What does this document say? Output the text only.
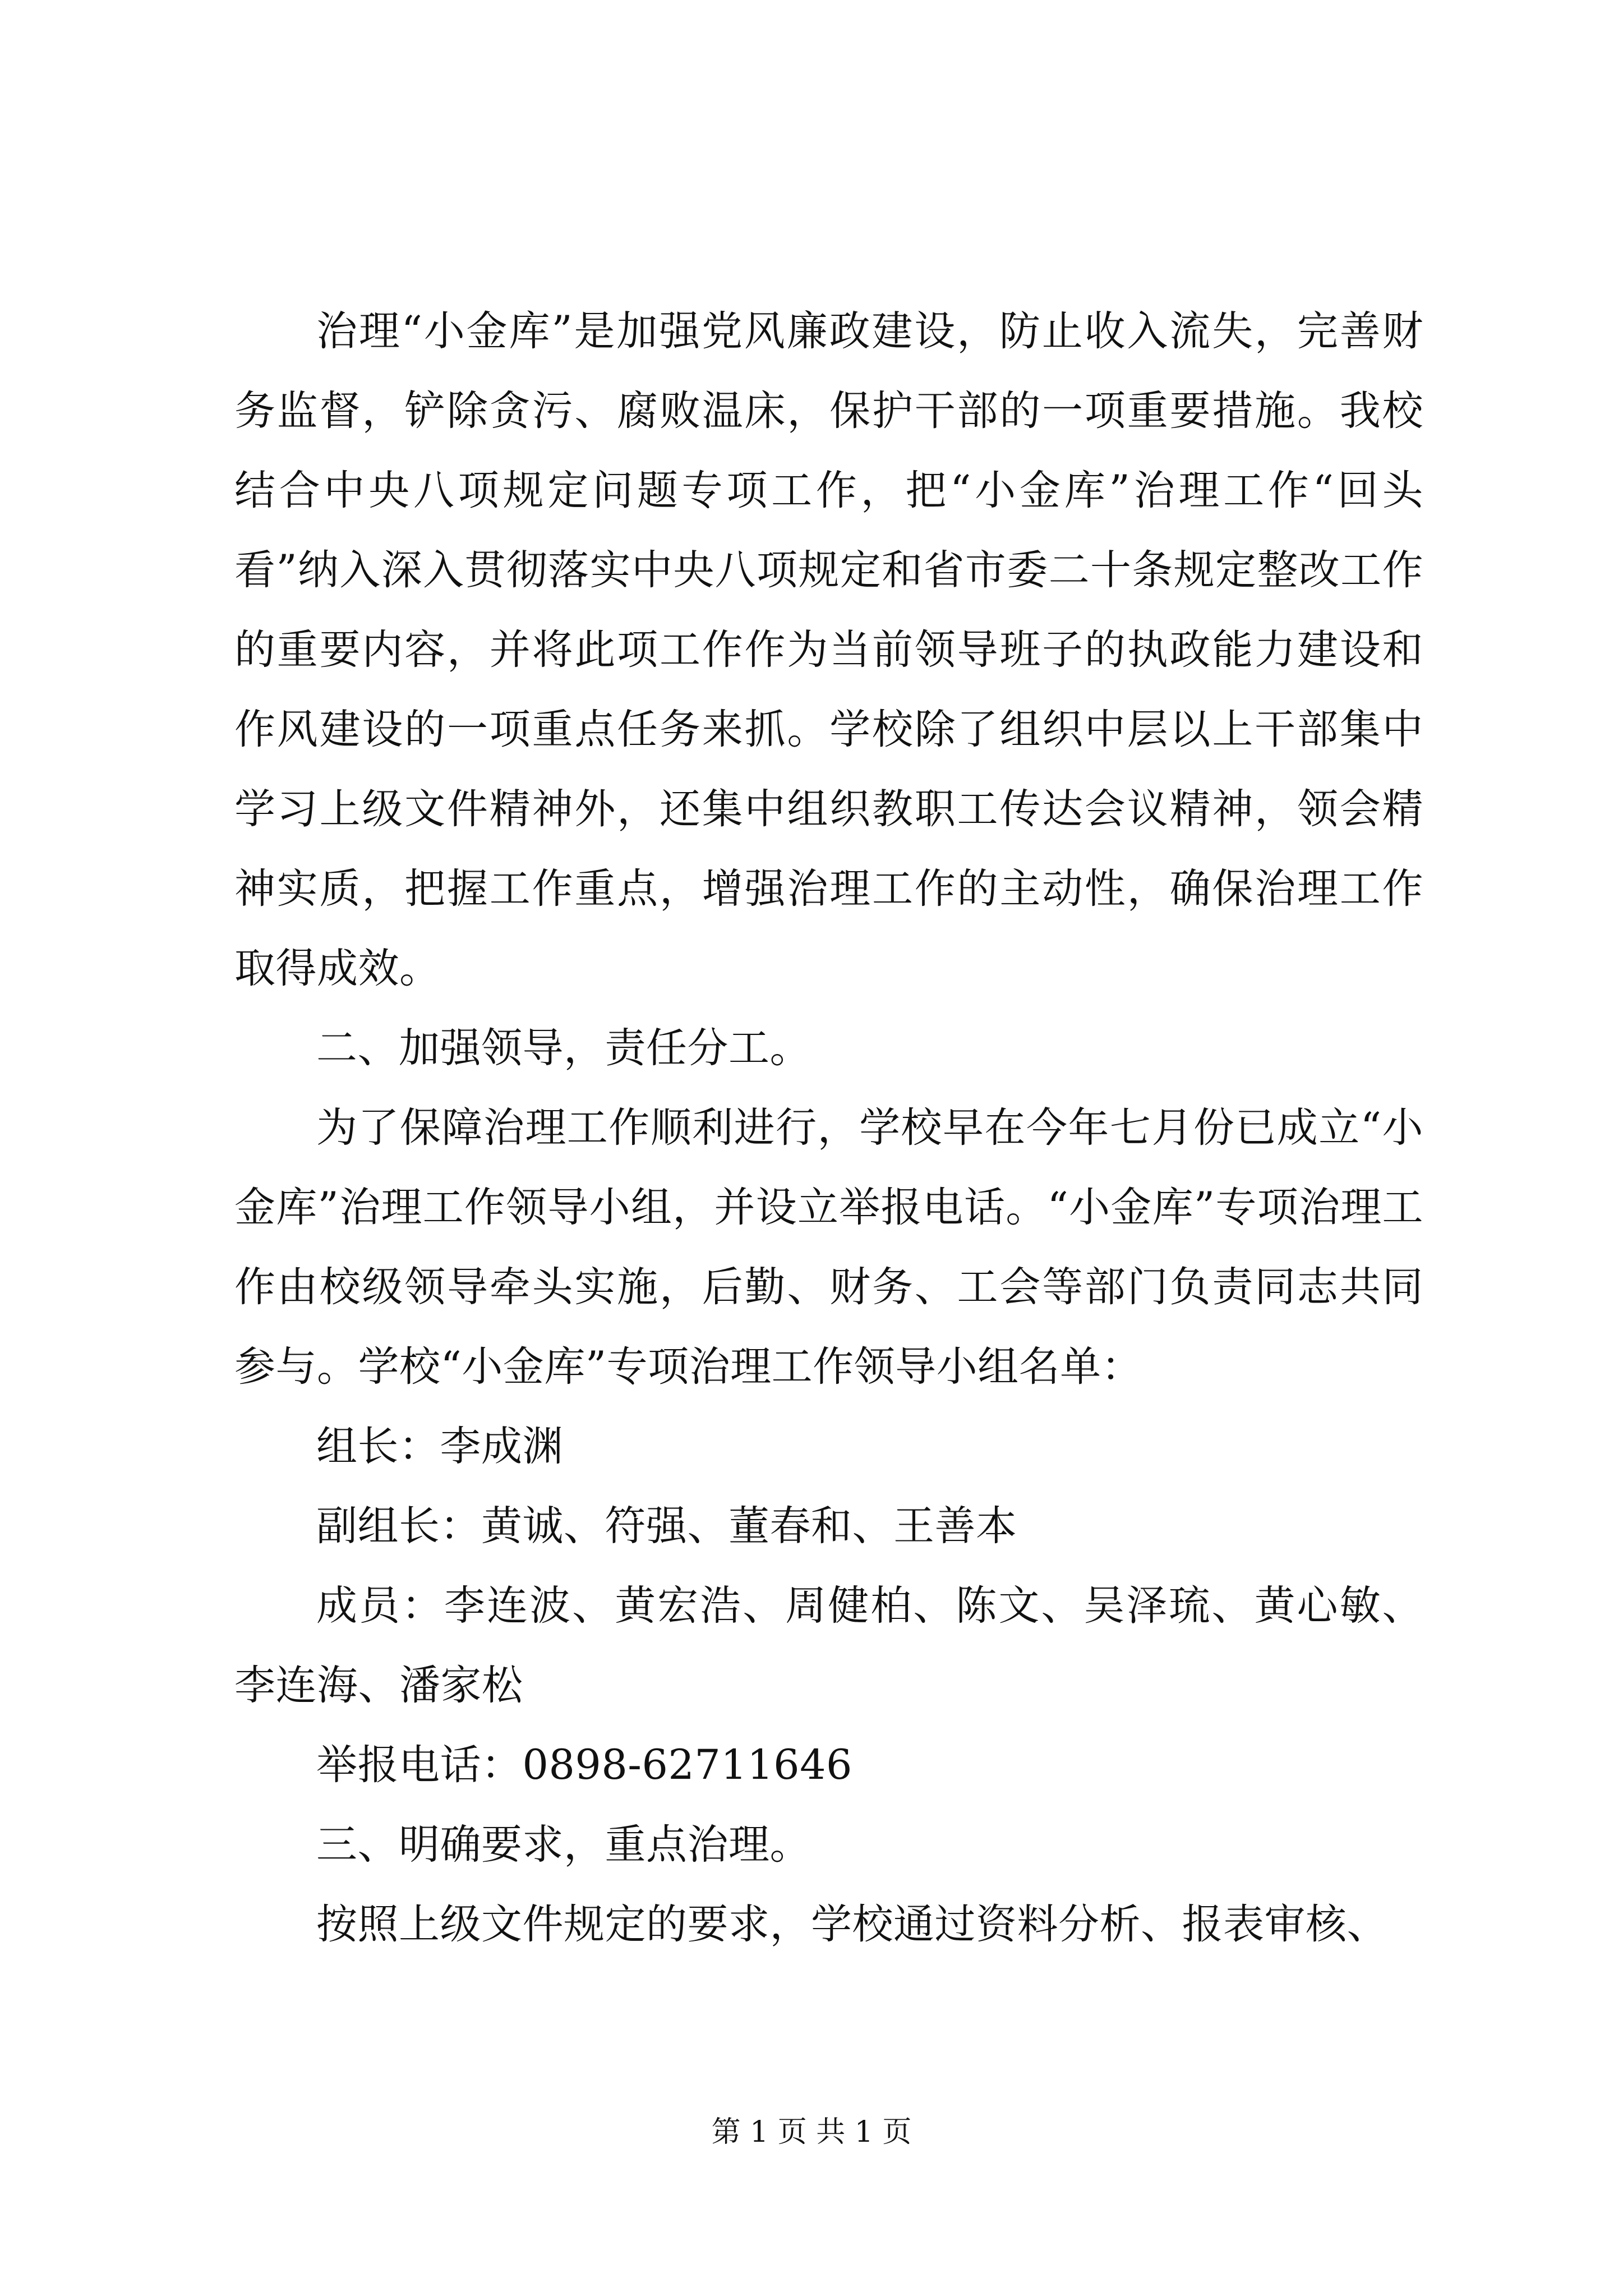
治理“小金库”是加强党风廉政建设，防止收入流失，完善财务监督，铲除贪污、腐败温床，保护干部的一项重要措施。我校结合中央八项规定问题专项工作，把“小金库”治理工作“回头看”纳入深入贯彻落实中央八项规定和省市委二十条规定整改工作的重要内容，并将此项工作作为当前领导班子的执政能力建设和作风建设的一项重点任务来抓。学校除了组织中层以上干部集中学习上级文件精神外，还集中组织教职工传达会议精神，领会精神实质，把握工作重点，增强治理工作的主动性，确保治理工作取得成效。

二、加强领导，责任分工。

为了保障治理工作顺利进行，学校早在今年七月份已成立“小金库”治理工作领导小组，并设立举报电话。“小金库”专项治理工作由校级领导牵头实施，后勤、财务、工会等部门负责同志共同参与。学校“小金库”专项治理工作领导小组名单：

组长：李成渊

副组长：黄诚、符强、董春和、王善本

成员：李连波、黄宏浩、周健柏、陈文、吴泽琉、黄心敏、李连海、潘家松

举报电话：0898-62711646

三、明确要求，重点治理。

按照上级文件规定的要求，学校通过资料分析、报表审核、

第 1 页 共 1 页
